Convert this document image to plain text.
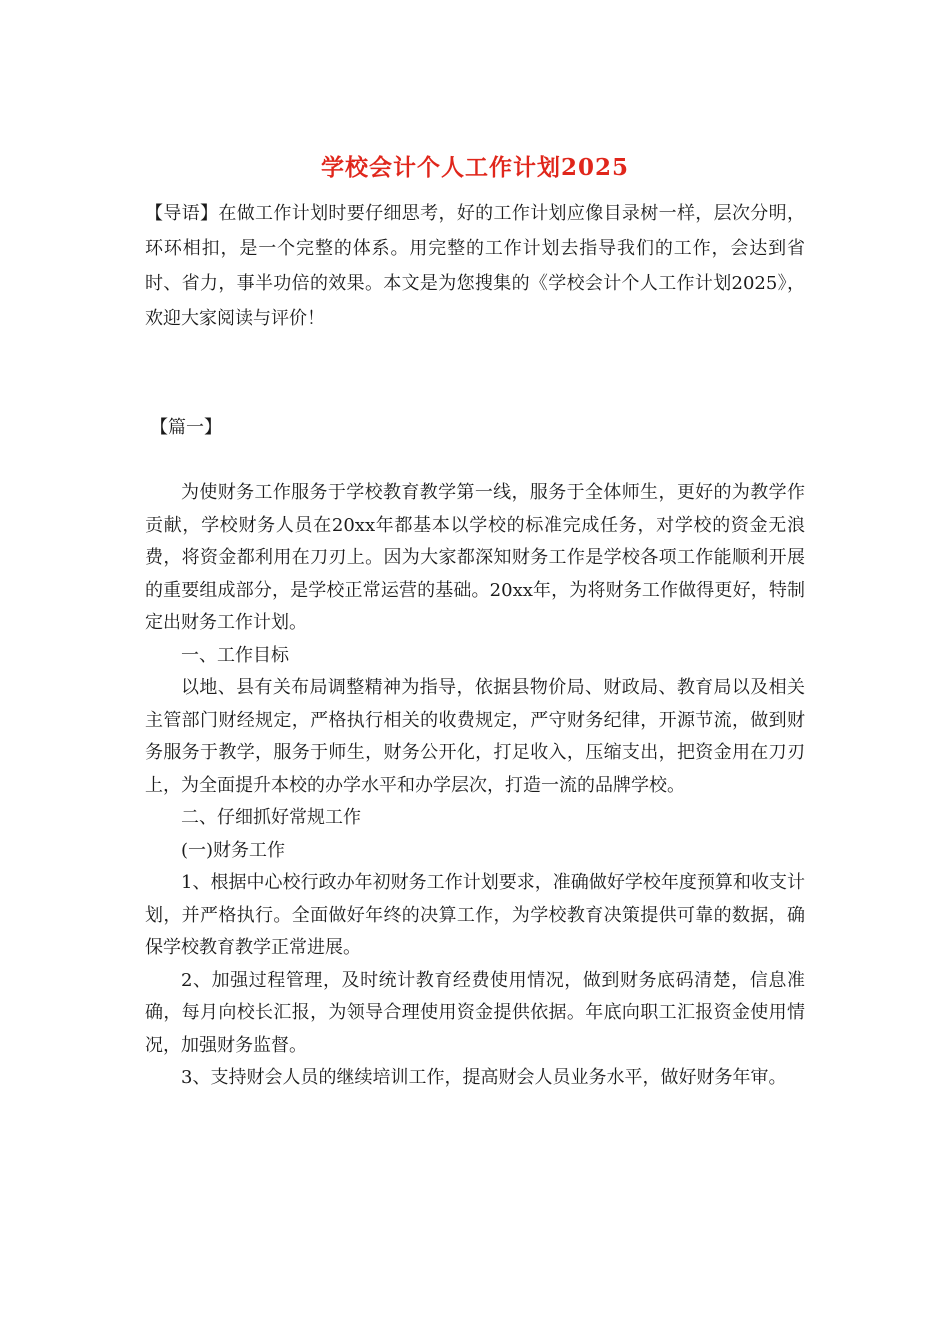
学校会计个人工作计划2025
【导语】在做工作计划时要仔细思考，好的工作计划应像目录树一样，层次分明，环环相扣，是一个完整的体系。用完整的工作计划去指导我们的工作，会达到省时、省力，事半功倍的效果。本文是为您搜集的《学校会计个人工作计划2025》，欢迎大家阅读与评价！
【篇一】

为使财务工作服务于学校教育教学第一线，服务于全体师生，更好的为教学作贡献，学校财务人员在20xx年都基本以学校的标准完成任务，对学校的资金无浪费，将资金都利用在刀刃上。因为大家都深知财务工作是学校各项工作能顺利开展的重要组成部分，是学校正常运营的基础。20xx年，为将财务工作做得更好，特制定出财务工作计划。

一、工作目标

以地、县有关布局调整精神为指导，依据县物价局、财政局、教育局以及相关主管部门财经规定，严格执行相关的收费规定，严守财务纪律，开源节流，做到财务服务于教学，服务于师生，财务公开化，打足收入，压缩支出，把资金用在刀刃上，为全面提升本校的办学水平和办学层次，打造一流的品牌学校。

二、仔细抓好常规工作

(一)财务工作

1、根据中心校行政办年初财务工作计划要求，准确做好学校年度预算和收支计划，并严格执行。全面做好年终的决算工作，为学校教育决策提供可靠的数据，确保学校教育教学正常进展。

2、加强过程管理，及时统计教育经费使用情况，做到财务底码清楚，信息准确，每月向校长汇报，为领导合理使用资金提供依据。年底向职工汇报资金使用情况，加强财务监督。

3、支持财会人员的继续培训工作，提高财会人员业务水平，做好财务年审。
